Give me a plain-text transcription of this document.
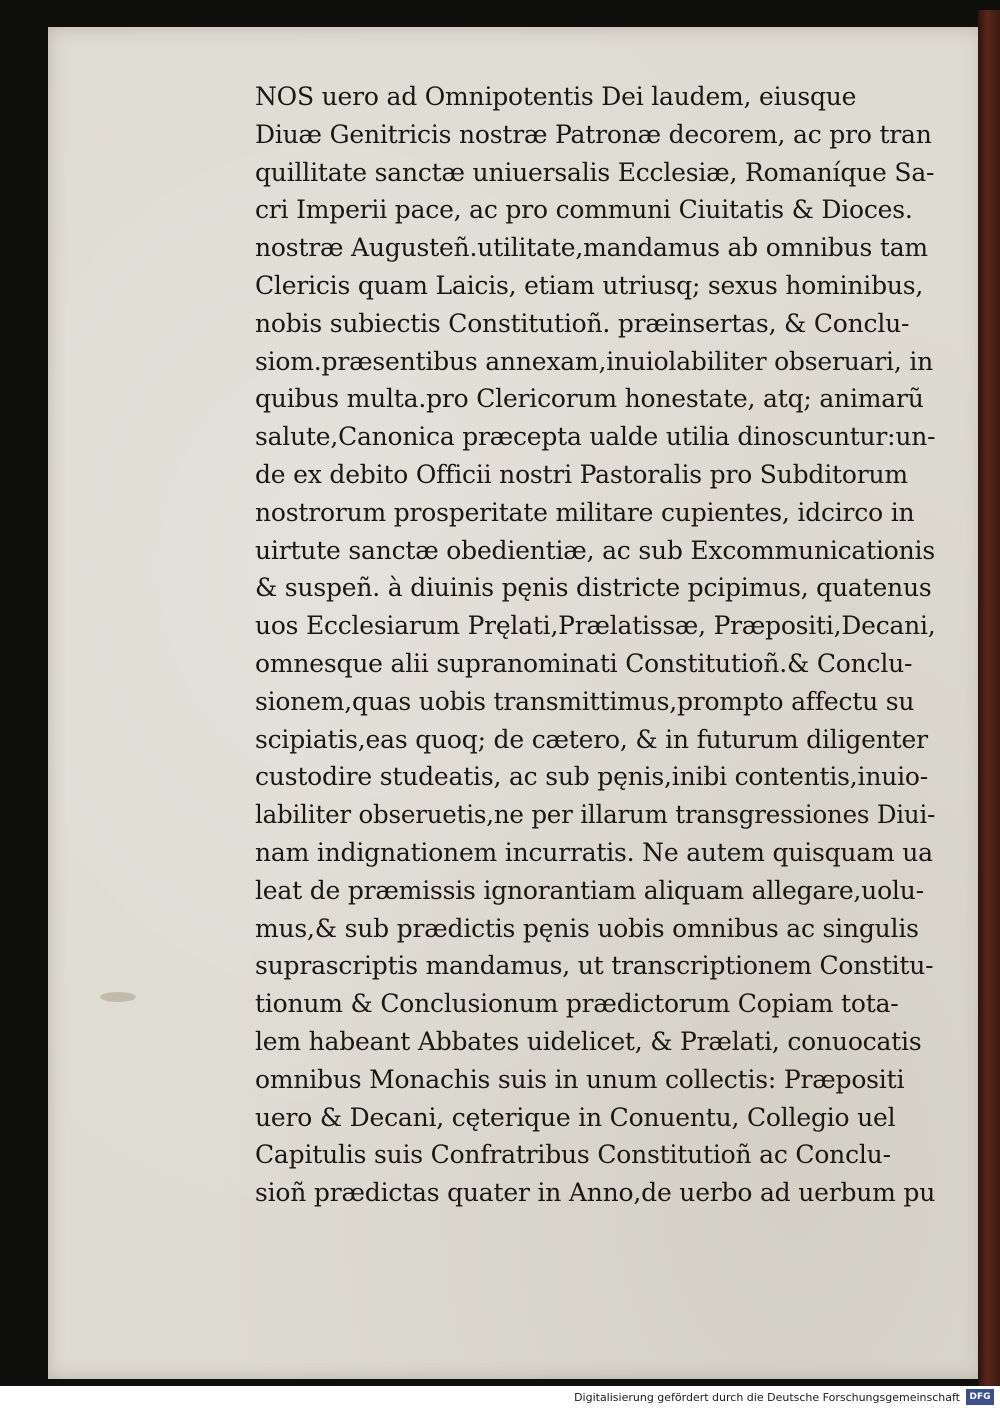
NOS uero ad Omnipotentis Dei laudem, eiusque
Diuæ Genitricis nostræ Patronæ decorem, ac pro tran
quillitate sanctæ uniuersalis Ecclesiæ, Romaníque Sa-
cri Imperii pace, ac pro communi Ciuitatis & Dioces.
nostræ Augusteñ.utilitate,mandamus ab omnibus tam
Clericis quam Laicis, etiam utriusq; sexus hominibus,
nobis subiectis Constitutioñ. præinsertas, & Conclu-
siom.præsentibus annexam,inuiolabiliter obseruari, in
quibus multa.pro Clericorum honestate, atq; animarũ
salute,Canonica præcepta ualde utilia dinoscuntur:un-
de ex debito Officii nostri Pastoralis pro Subditorum
nostrorum prosperitate militare cupientes, idcirco in
uirtute sanctæ obedientiæ, ac sub Excommunicationis
& suspeñ. à diuinis pęnis districte pcipimus, quatenus
uos Ecclesiarum Pręlati,Prælatissæ, Præpositi,Decani,
omnesque alii supranominati Constitutioñ.& Conclu-
sionem,quas uobis transmittimus,prompto affectu su
scipiatis,eas quoq; de cætero, & in futurum diligenter
custodire studeatis, ac sub pęnis,inibi contentis,inuio-
labiliter obseruetis,ne per illarum transgressiones Diui-
nam indignationem incurratis. Ne autem quisquam ua
leat de præmissis ignorantiam aliquam allegare,uolu-
mus,& sub prædictis pęnis uobis omnibus ac singulis
suprascriptis mandamus, ut transcriptionem Constitu-
tionum & Conclusionum prædictorum Copiam tota-
lem habeant Abbates uidelicet, & Prælati, conuocatis
omnibus Monachis suis in unum collectis: Præpositi
uero & Decani, cęterique in Conuentu, Collegio uel
Capitulis suis Confratribus Constitutioñ ac Conclu-
sioñ prædictas quater in Anno,de uerbo ad uerbum pu
Digitalisierung gefördert durch die Deutsche Forschungsgemeinschaft	DFG
